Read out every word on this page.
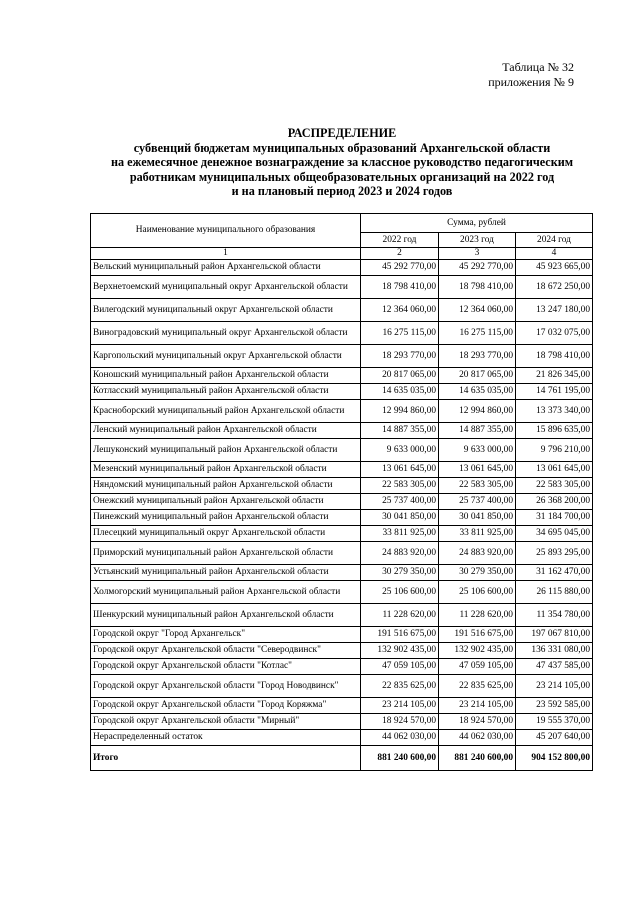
Таблица № 32
приложения № 9
РАСПРЕДЕЛЕНИЕ
субвенций бюджетам муниципальных образований Архангельской области
на ежемесячное денежное вознаграждение за классное руководство педагогическим
работникам муниципальных общеобразовательных организаций на 2022 год
и на плановый период 2023 и 2024 годов
Наименование муниципального образования	Сумма, рублей		
	2022 год	2023 год	2024 год
1	2	3	4
Вельский муниципальный район Архангельской области	45 292 770,00	45 292 770,00	45 923 665,00
Верхнетоемский муниципальный округ Архангельской области	18 798 410,00	18 798 410,00	18 672 250,00
Вилегодский муниципальный округ Архангельской области	12 364 060,00	12 364 060,00	13 247 180,00
Виноградовский муниципальный округ Архангельской области	16 275 115,00	16 275 115,00	17 032 075,00
Каргопольский муниципальный округ Архангельской области	18 293 770,00	18 293 770,00	18 798 410,00
Коношский муниципальный район Архангельской области	20 817 065,00	20 817 065,00	21 826 345,00
Котласский муниципальный район Архангельской области	14 635 035,00	14 635 035,00	14 761 195,00
Красноборский муниципальный район Архангельской области	12 994 860,00	12 994 860,00	13 373 340,00
Ленский муниципальный район Архангельской области	14 887 355,00	14 887 355,00	15 896 635,00
Лешуконский муниципальный район Архангельской области	9 633 000,00	9 633 000,00	9 796 210,00
Мезенский муниципальный район Архангельской области	13 061 645,00	13 061 645,00	13 061 645,00
Няндомский муниципальный район Архангельской области	22 583 305,00	22 583 305,00	22 583 305,00
Онежский муниципальный район Архангельской области	25 737 400,00	25 737 400,00	26 368 200,00
Пинежский муниципальный район Архангельской области	30 041 850,00	30 041 850,00	31 184 700,00
Плесецкий муниципальный округ Архангельской области	33 811 925,00	33 811 925,00	34 695 045,00
Приморский муниципальный район Архангельской области	24 883 920,00	24 883 920,00	25 893 295,00
Устьянский муниципальный район Архангельской области	30 279 350,00	30 279 350,00	31 162 470,00
Холмогорский муниципальный район Архангельской области	25 106 600,00	25 106 600,00	26 115 880,00
Шенкурский муниципальный район Архангельской области	11 228 620,00	11 228 620,00	11 354 780,00
Городской округ "Город Архангельск"	191 516 675,00	191 516 675,00	197 067 810,00
Городской округ Архангельской области "Северодвинск"	132 902 435,00	132 902 435,00	136 331 080,00
Городской округ Архангельской области "Котлас"	47 059 105,00	47 059 105,00	47 437 585,00
Городской округ Архангельской области "Город Новодвинск"	22 835 625,00	22 835 625,00	23 214 105,00
Городской округ Архангельской области "Город Коряжма"	23 214 105,00	23 214 105,00	23 592 585,00
Городской округ Архангельской области "Мирный"	18 924 570,00	18 924 570,00	19 555 370,00
Нераспределенный остаток	44 062 030,00	44 062 030,00	45 207 640,00
Итого	881 240 600,00	881 240 600,00	904 152 800,00
